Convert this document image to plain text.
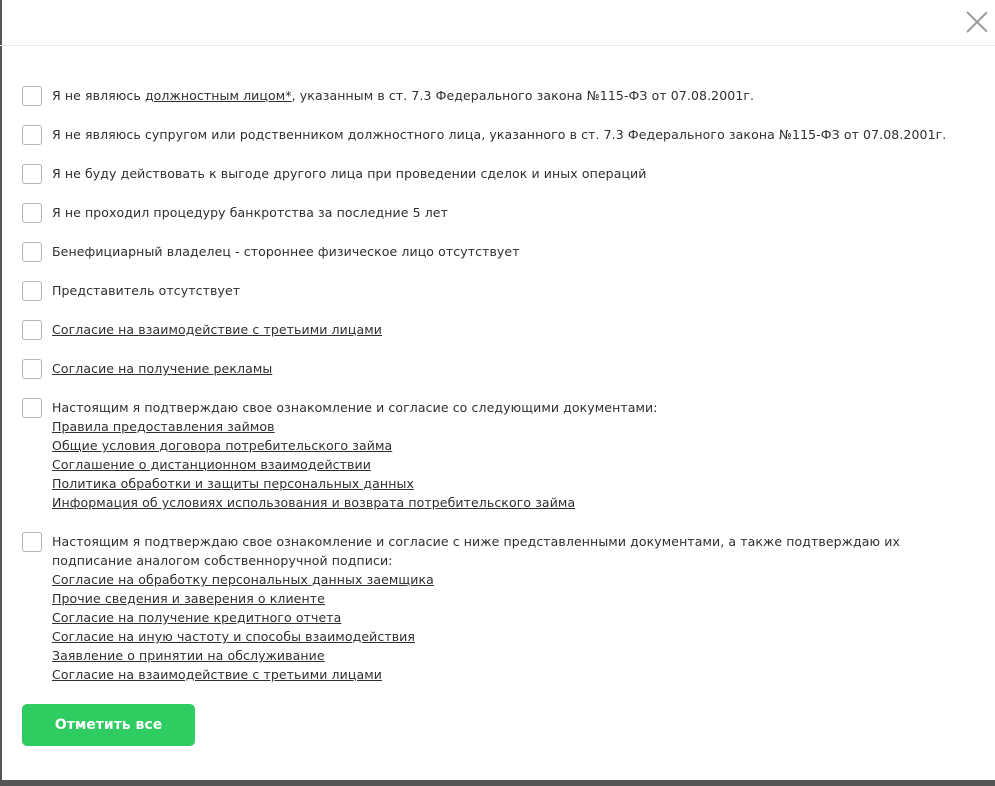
Я не являюсь должностным лицом*, указанным в ст. 7.3 Федерального закона №115-ФЗ от 07.08.2001г.
Я не являюсь супругом или родственником должностного лица, указанного в ст. 7.3 Федерального закона №115-ФЗ от 07.08.2001г.
Я не буду действовать к выгоде другого лица при проведении сделок и иных операций
Я не проходил процедуру банкротства за последние 5 лет
Бенефициарный владелец - стороннее физическое лицо отсутствует
Представитель отсутствует
Согласие на взаимодействие с третьими лицами
Согласие на получение рекламы
Настоящим я подтверждаю свое ознакомление и согласие со следующими документами:
Правила предоставления займов
Общие условия договора потребительского займа
Соглашение о дистанционном взаимодействии
Политика обработки и защиты персональных данных
Информация об условиях использования и возврата потребительского займа
Настоящим я подтверждаю свое ознакомление и согласие с ниже представленными документами, а также подтверждаю их подписание аналогом собственноручной подписи:
Согласие на обработку персональных данных заемщика
Прочие сведения и заверения о клиенте
Согласие на получение кредитного отчета
Согласие на иную частоту и способы взаимодействия
Заявление о принятии на обслуживание
Согласие на взаимодействие с третьими лицами
Отметить все
